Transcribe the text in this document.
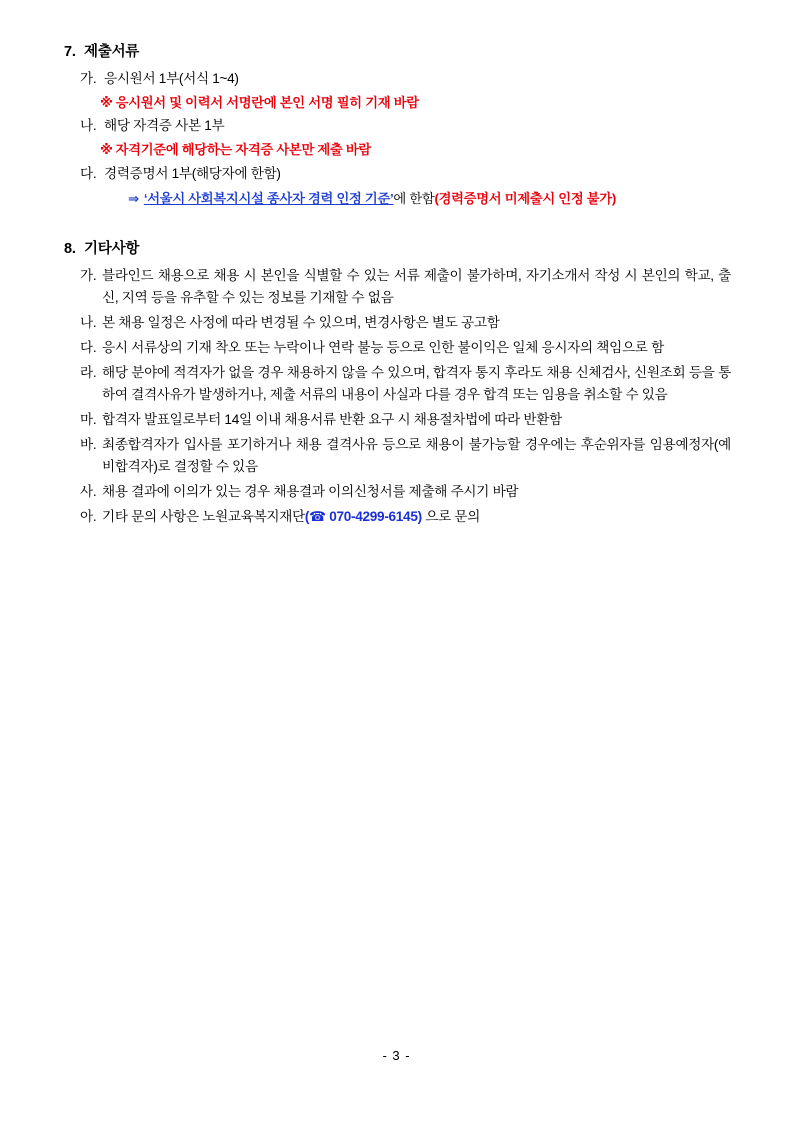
7. 제출서류
가. 응시원서 1부(서식 1~4)
※ 응시원서 및 이력서 서명란에 본인 서명 필히 기재 바람
나. 해당 자격증 사본 1부
※ 자격기준에 해당하는 자격증 사본만 제출 바람
다. 경력증명서 1부(해당자에 한함)
⇒ ‘서울시 사회복지시설 종사자 경력 인정 기준’에 한함(경력증명서 미제출시 인정 불가)
8. 기타사항
가. 블라인드 채용으로 채용 시 본인을 식별할 수 있는 서류 제출이 불가하며, 자기소개서 작성 시 본인의 학교, 출신, 지역 등을 유추할 수 있는 정보를 기재할 수 없음
나. 본 채용 일정은 사정에 따라 변경될 수 있으며, 변경사항은 별도 공고함
다. 응시 서류상의 기재 착오 또는 누락이나 연락 불능 등으로 인한 불이익은 일체 응시자의 책임으로 함
라. 해당 분야에 적격자가 없을 경우 채용하지 않을 수 있으며, 합격자 통지 후라도 채용 신체검사, 신원조회 등을 통하여 결격사유가 발생하거나, 제출 서류의 내용이 사실과 다를 경우 합격 또는 임용을 취소할 수 있음
마. 합격자 발표일로부터 14일 이내 채용서류 반환 요구 시 채용절차법에 따라 반환함
바. 최종합격자가 입사를 포기하거나 채용 결격사유 등으로 채용이 불가능할 경우에는 후순위자를 임용예정자(예비합격자)로 결정할 수 있음
사. 채용 결과에 이의가 있는 경우 채용결과 이의신청서를 제출해 주시기 바람
아. 기타 문의 사항은 노원교육복지재단(☎ 070-4299-6145) 으로 문의
- 3 -
